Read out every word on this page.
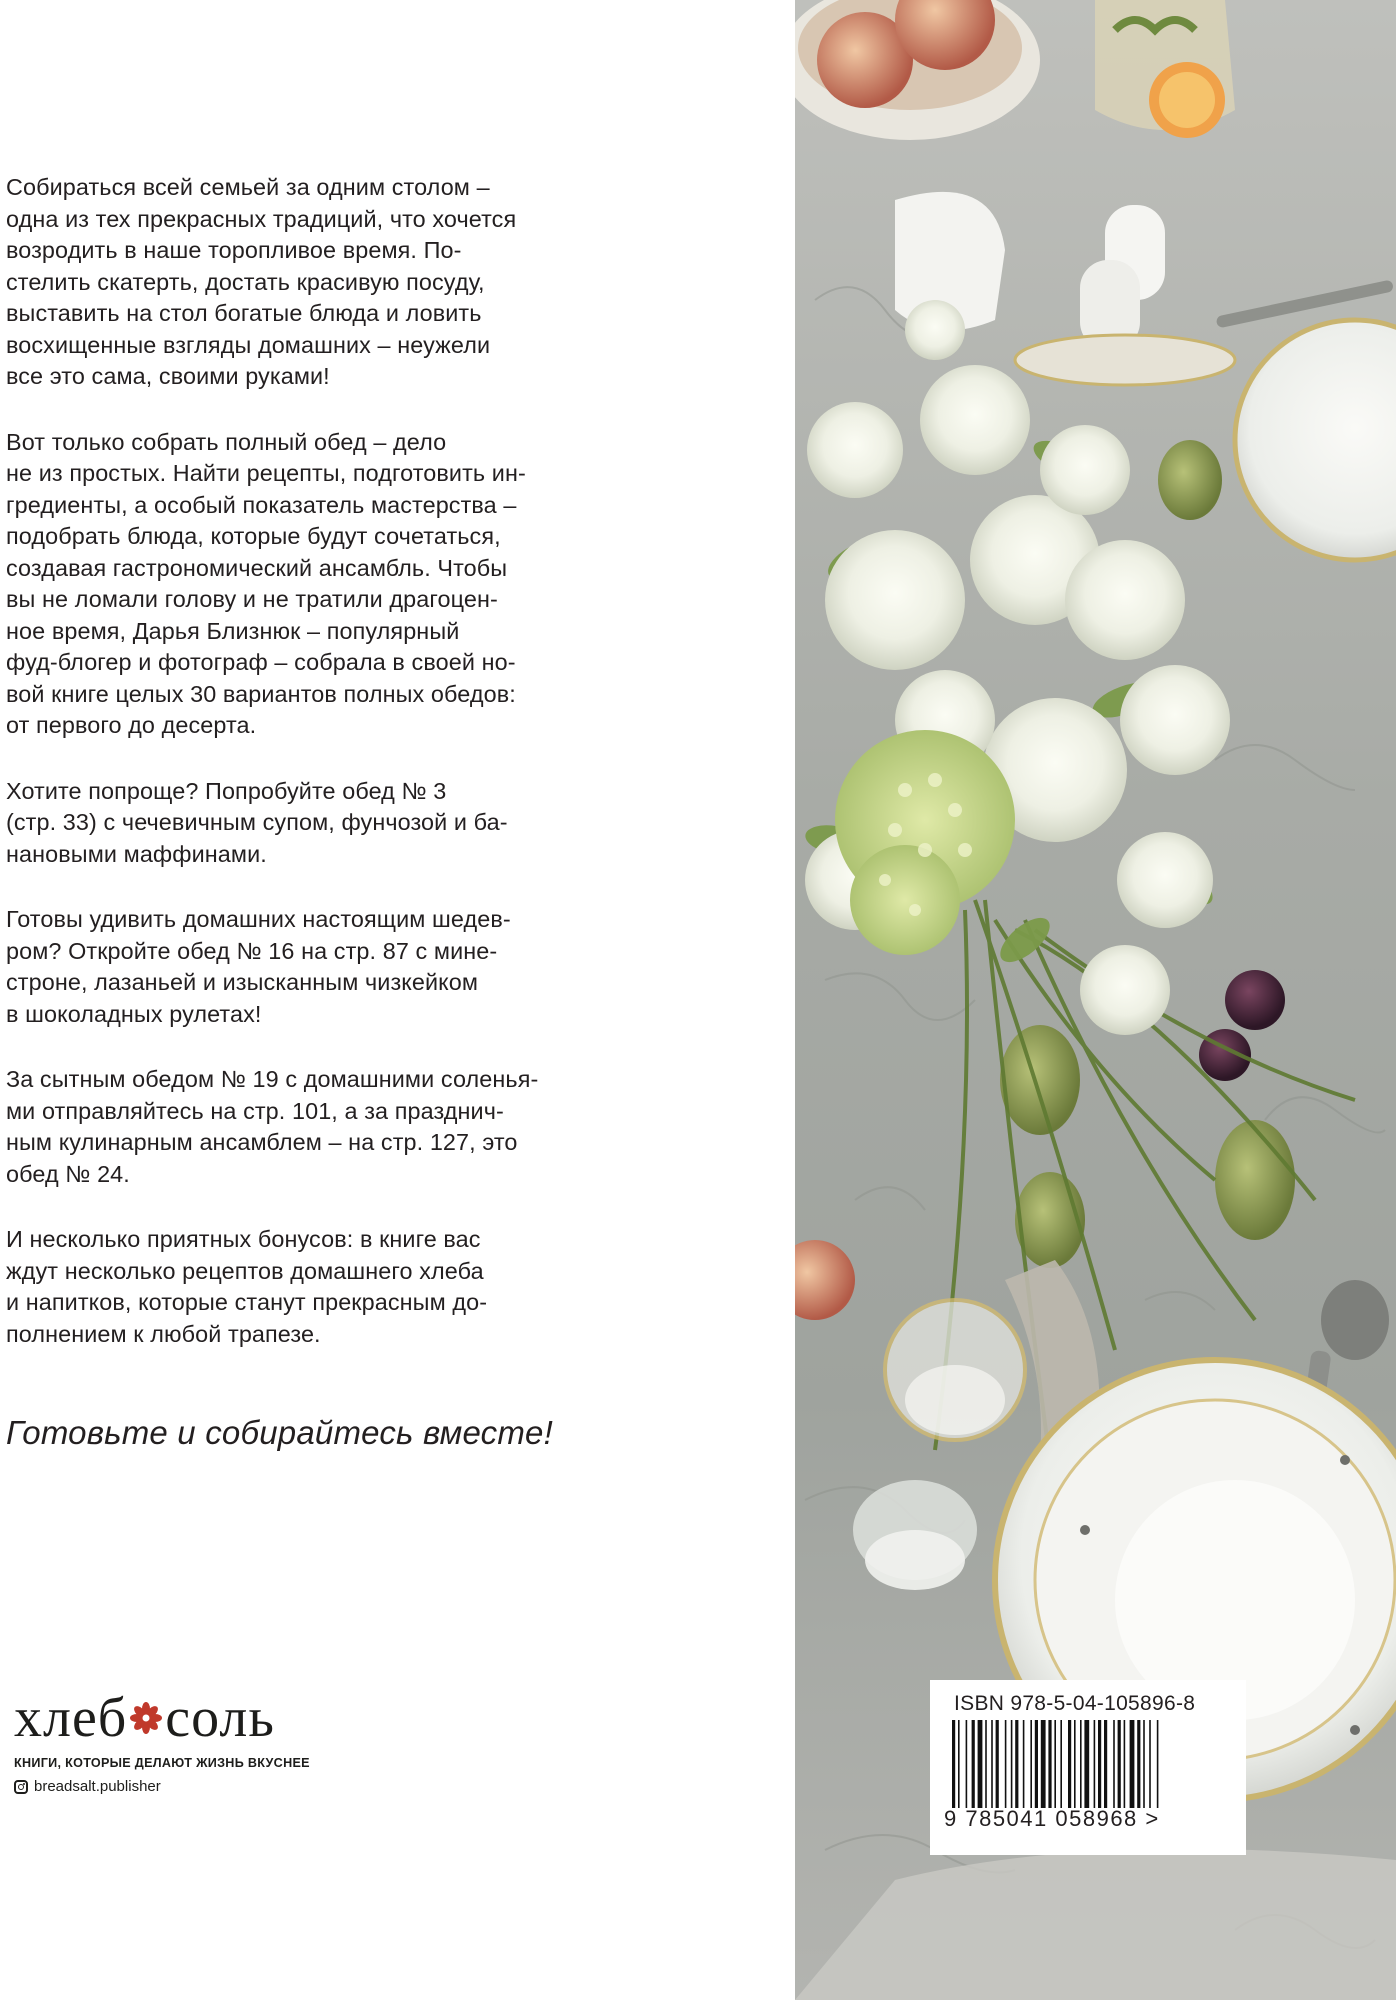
Собираться всей семьей за одним столом –
одна из тех прекрасных традиций, что хочется
возродить в наше торопливое время. По-
стелить скатерть, достать красивую посуду,
выставить на стол богатые блюда и ловить
восхищенные взгляды домашних – неужели
все это сама, своими руками!

Вот только собрать полный обед – дело
не из простых. Найти рецепты, подготовить ин-
гредиенты, а особый показатель мастерства –
подобрать блюда, которые будут сочетаться,
создавая гастрономический ансамбль. Чтобы
вы не ломали голову и не тратили драгоцен-
ное время, Дарья Близнюк – популярный
фуд-блогер и фотограф – собрала в своей но-
вой книге целых 30 вариантов полных обедов:
от первого до десерта.

Хотите попроще? Попробуйте обед № 3
(стр. 33) с чечевичным супом, фунчозой и ба-
нановыми маффинами.

Готовы удивить домашних настоящим шедев-
ром? Откройте обед № 16 на стр. 87 с мине-
строне, лазаньей и изысканным чизкейком
в шоколадных рулетах!

За сытным обедом № 19 с домашними соленья-
ми отправляйтесь на стр. 101, а за празднич-
ным кулинарным ансамблем – на стр. 127, это
обед № 24.

И несколько приятных бонусов: в книге вас
ждут несколько рецептов домашнего хлеба
и напитков, которые станут прекрасным до-
полнением к любой трапезе.

Готовьте и собирайтесь вместе!

хлеб соль
КНИГИ, КОТОРЫЕ ДЕЛАЮТ ЖИЗНЬ ВКУСНЕЕ
breadsalt.publisher
ISBN 978-5-04-105896-8
9 785041 058968 >
